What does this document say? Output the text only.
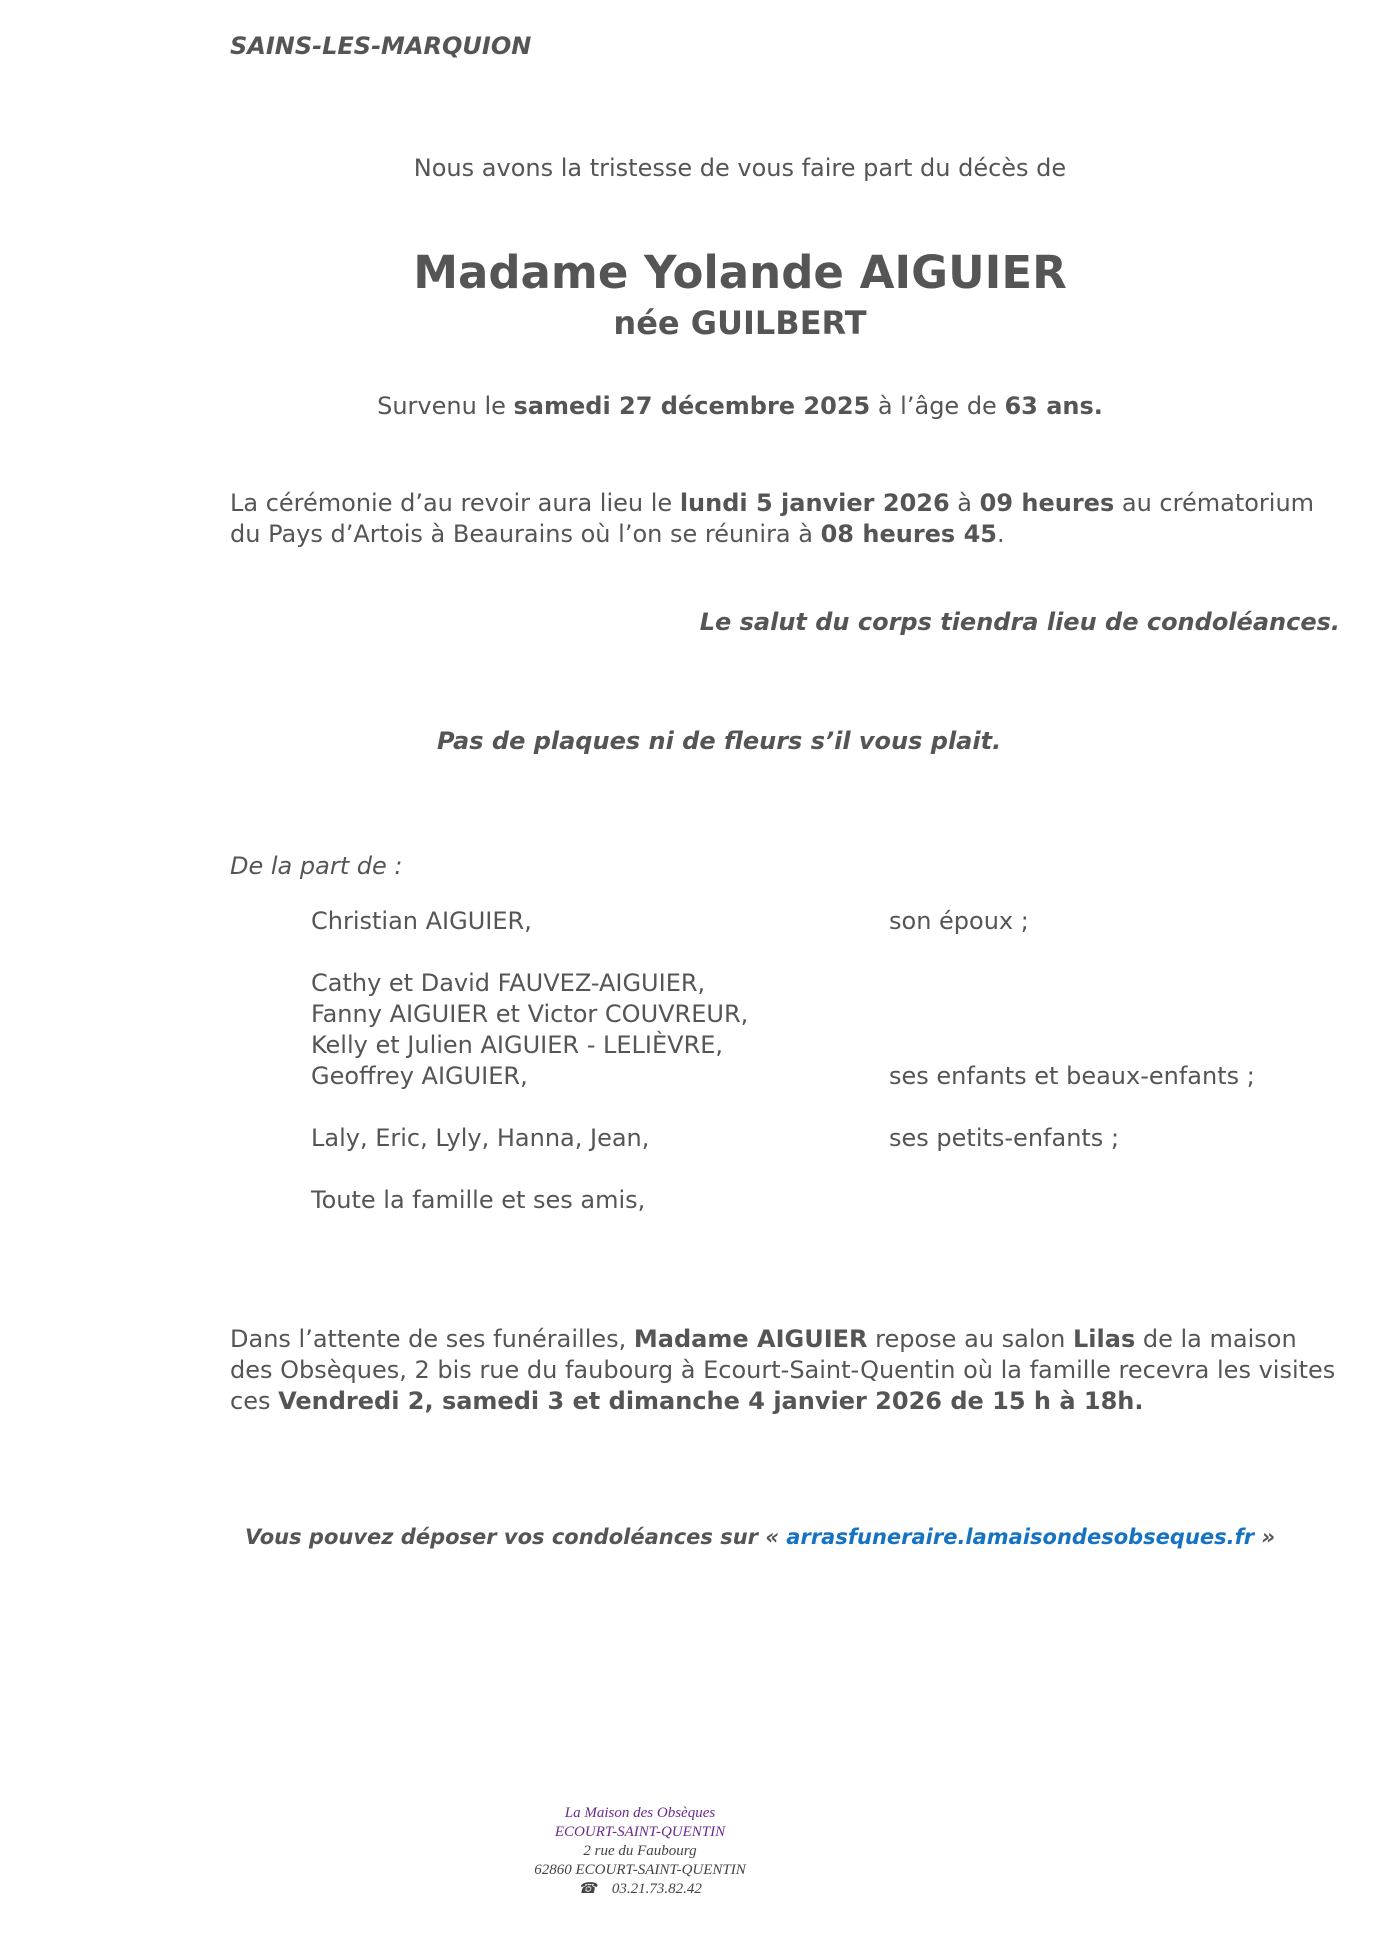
SAINS-LES-MARQUION
Nous avons la tristesse de vous faire part du décès de
Madame Yolande AIGUIER
née GUILBERT
Survenu le samedi 27 décembre 2025 à l’âge de 63 ans.
La cérémonie d’au revoir aura lieu le lundi 5 janvier 2026 à 09 heures au crématorium du Pays d’Artois à Beaurains où l’on se réunira à 08 heures 45.
Le salut du corps tiendra lieu de condoléances.
Pas de plaques ni de fleurs s’il vous plait.
De la part de :
Christian AIGUIER,	son époux ;
Cathy et David FAUVEZ-AIGUIER,
Fanny AIGUIER et Victor COUVREUR,
Kelly et Julien AIGUIER - LELIÈVRE,
Geoffrey AIGUIER,	ses enfants et beaux-enfants ;
Laly, Eric, Lyly, Hanna, Jean,	ses petits-enfants ;
Toute la famille et ses amis,
Dans l’attente de ses funérailles, Madame AIGUIER repose au salon Lilas de la maison des Obsèques, 2 bis rue du faubourg à Ecourt-Saint-Quentin où la famille recevra les visites ces Vendredi 2, samedi 3 et dimanche 4 janvier 2026 de 15 h à 18h.
Vous pouvez déposer vos condoléances sur « arrasfuneraire.lamaisondesobseques.fr »
La Maison des Obsèques
ECOURT-SAINT-QUENTIN
2 rue du Faubourg
62860 ECOURT-SAINT-QUENTIN
☎ 03.21.73.82.42
